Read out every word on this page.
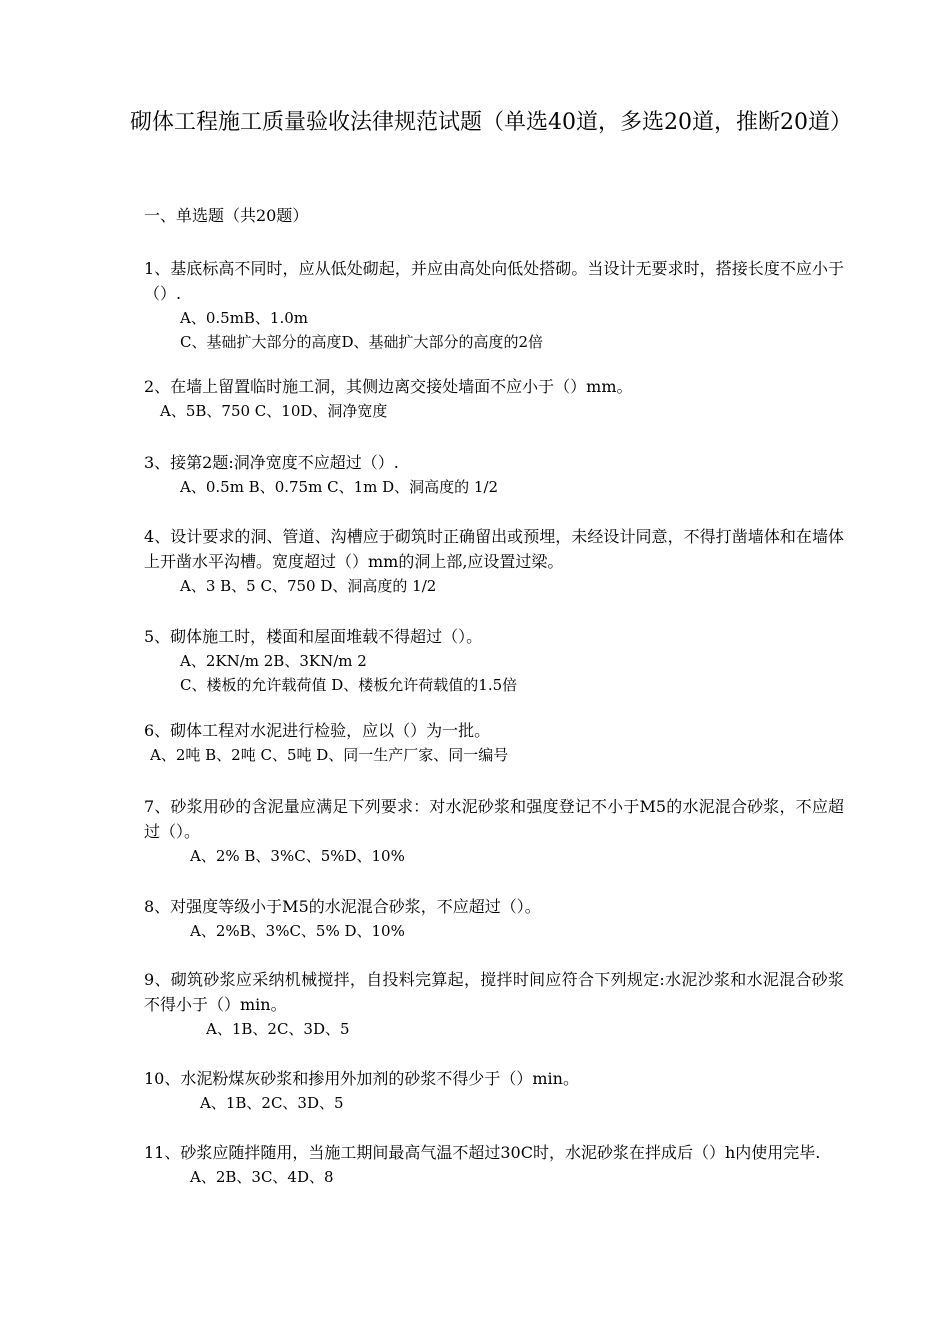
砌体工程施工质量验收法律规范试题（单选40道，多选20道，推断20道）
一、单选题（共20题）
1、基底标高不同时，应从低处砌起，并应由高处向低处搭砌。当设计无要求时，搭接长度不应小于（）.
A、0.5mB、1.0m
C、基础扩大部分的高度D、基础扩大部分的高度的2倍
2、在墙上留置临时施工洞，其侧边离交接处墙面不应小于（）mm。
A、5B、750 C、10D、洞净宽度
3、接第2题:洞净宽度不应超过（）.
A、0.5m B、0.75m C、1m D、洞高度的 1/2
4、设计要求的洞、管道、沟槽应于砌筑时正确留出或预埋，未经设计同意，不得打凿墙体和在墙体上开凿水平沟槽。宽度超过（）mm的洞上部,应设置过梁。
A、3 B、5 C、750 D、洞高度的 1/2
5、砌体施工时，楼面和屋面堆载不得超过（）。
A、2KN/m 2B、3KN/m 2
C、楼板的允许载荷值 D、楼板允许荷载值的1.5倍
6、砌体工程对水泥进行检验，应以（）为一批。
A、2吨 B、2吨 C、5吨 D、同一生产厂家、同一编号
7、砂浆用砂的含泥量应满足下列要求：对水泥砂浆和强度登记不小于M5的水泥混合砂浆，不应超过（）。
A、2% B、3%C、5%D、10%
8、对强度等级小于M5的水泥混合砂浆，不应超过（）。
A、2%B、3%C、5% D、10%
9、砌筑砂浆应采纳机械搅拌，自投料完算起，搅拌时间应符合下列规定:水泥沙浆和水泥混合砂浆不得小于（）min。
A、1B、2C、3D、5
10、水泥粉煤灰砂浆和掺用外加剂的砂浆不得少于（）min。
A、1B、2C、3D、5
11、砂浆应随拌随用，当施工期间最高气温不超过30C时，水泥砂浆在拌成后（）h内使用完毕.
A、2B、3C、4D、8
